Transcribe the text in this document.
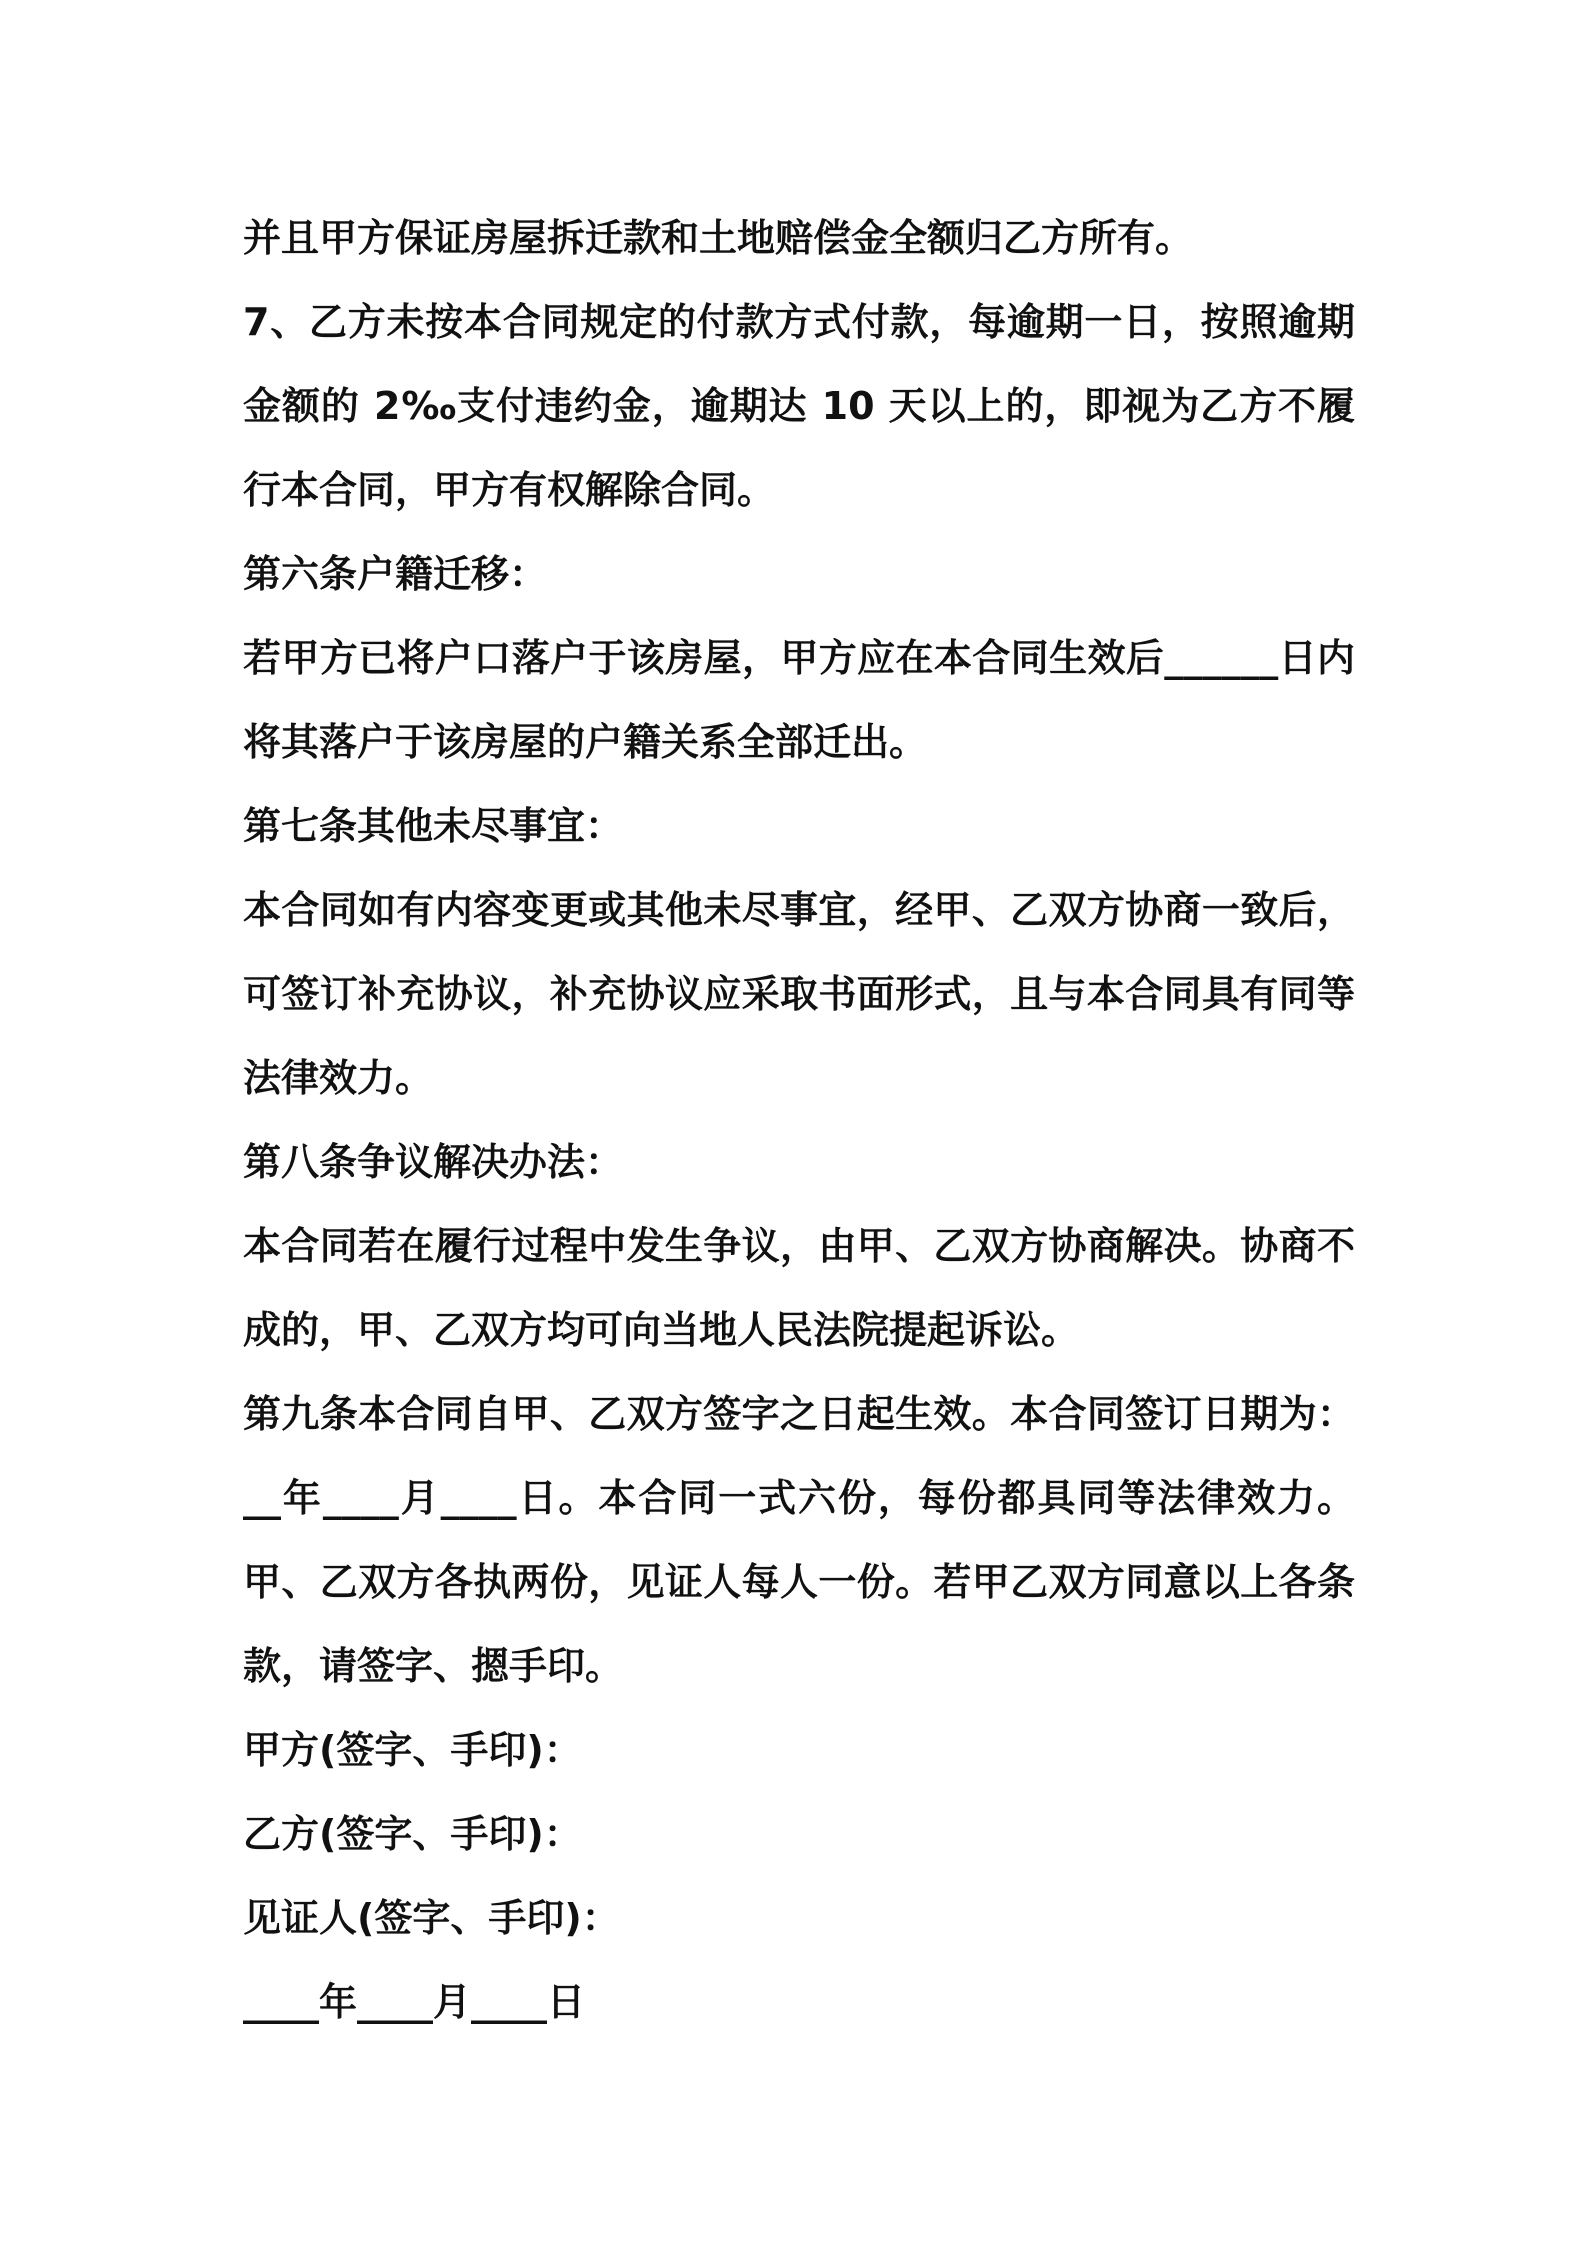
并且甲方保证房屋拆迁款和土地赔偿金全额归乙方所有。

7、乙方未按本合同规定的付款方式付款，每逾期一日，按照逾期金额的 2‰支付违约金，逾期达 10 天以上的，即视为乙方不履行本合同，甲方有权解除合同。

第六条户籍迁移：

若甲方已将户口落户于该房屋，甲方应在本合同生效后______日内将其落户于该房屋的户籍关系全部迁出。

第七条其他未尽事宜：

本合同如有内容变更或其他未尽事宜，经甲、乙双方协商一致后，可签订补充协议，补充协议应采取书面形式，且与本合同具有同等法律效力。

第八条争议解决办法：

本合同若在履行过程中发生争议，由甲、乙双方协商解决。协商不成的，甲、乙双方均可向当地人民法院提起诉讼。

第九条本合同自甲、乙双方签字之日起生效。本合同签订日期为：__年____月____日。本合同一式六份，每份都具同等法律效力。甲、乙双方各执两份，见证人每人一份。若甲乙双方同意以上各条款，请签字、摁手印。

甲方(签字、手印)：

乙方(签字、手印)：

见证人(签字、手印)：

____年____月____日
